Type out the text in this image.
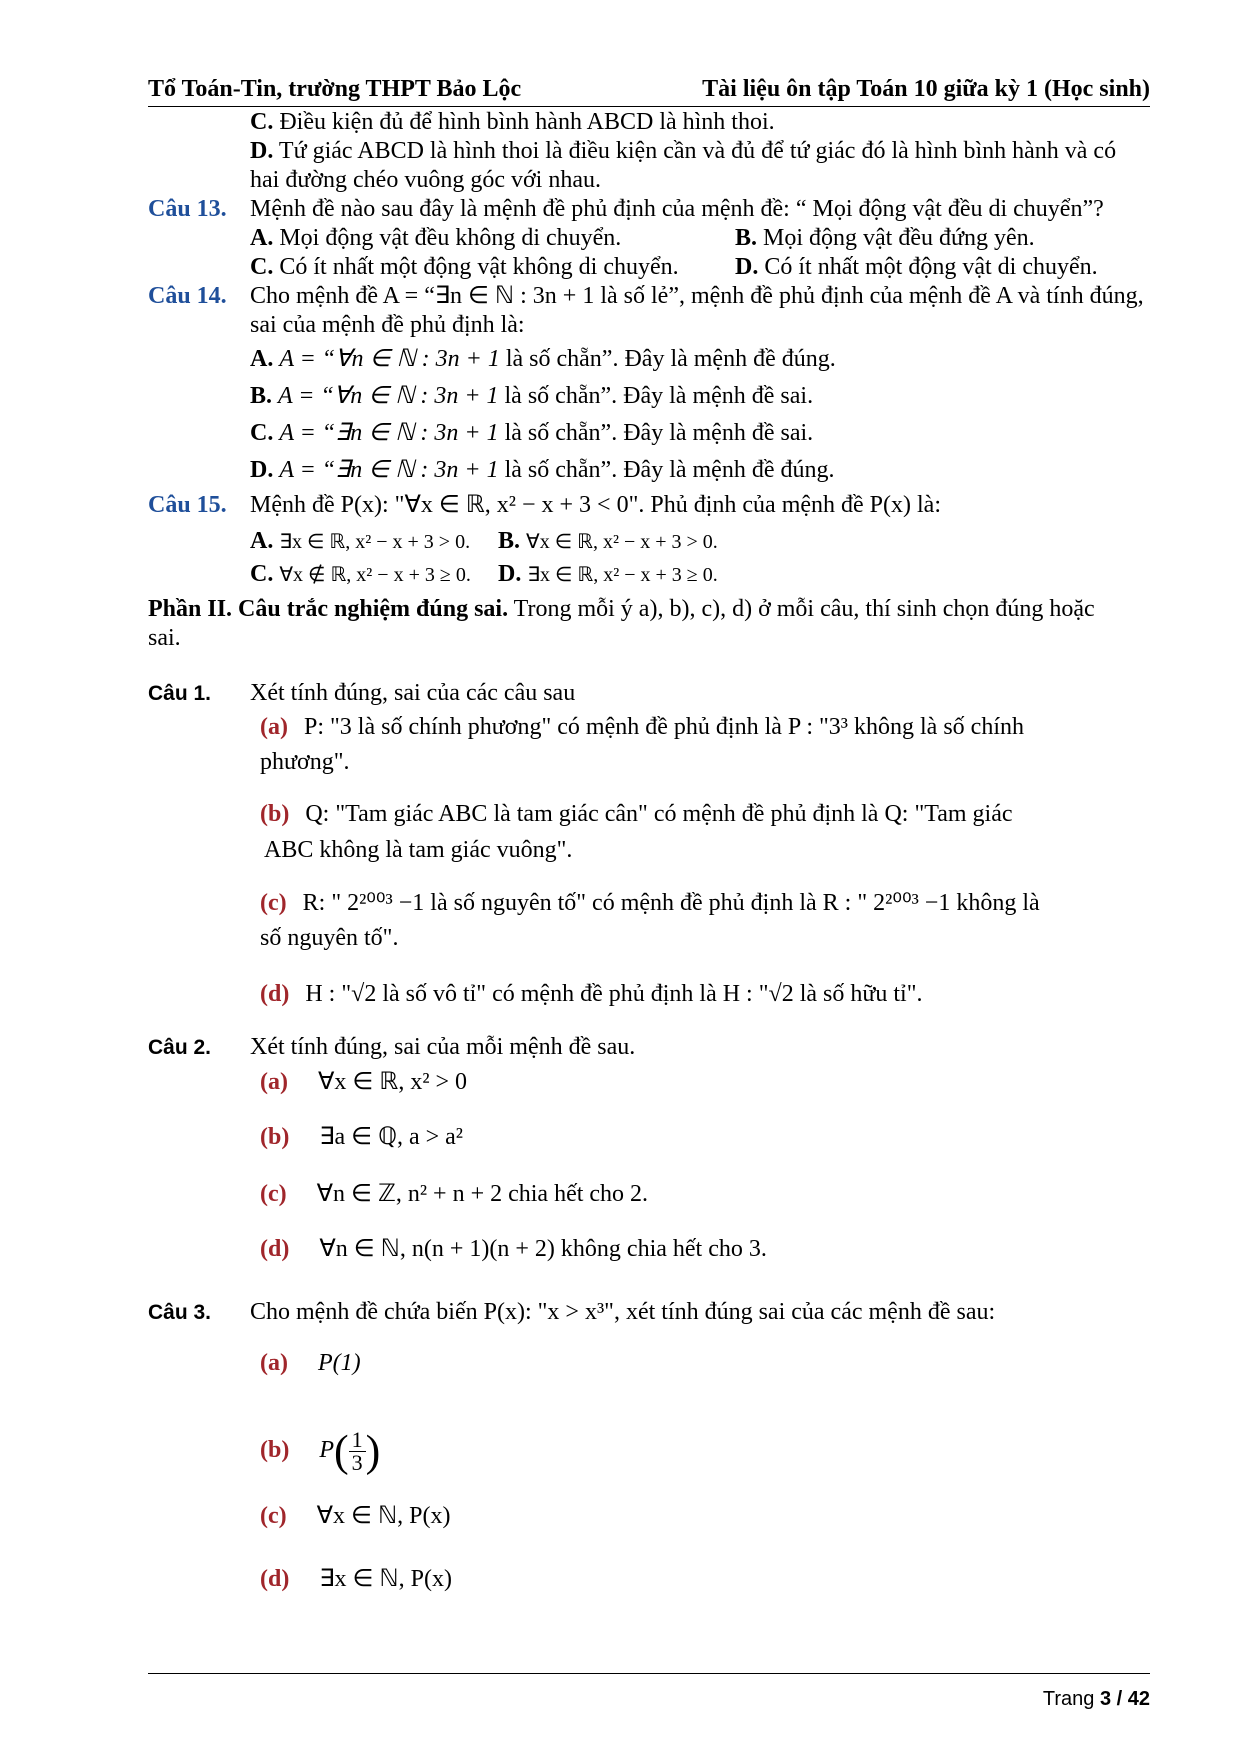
Tổ Toán-Tin, trường THPT Bảo Lộc	Tài liệu ôn tập Toán 10 giữa kỳ 1 (Học sinh)
C. Điều kiện đủ để hình bình hành ABCD là hình thoi.
D. Tứ giác ABCD là hình thoi là điều kiện cần và đủ để tứ giác đó là hình bình hành và có
hai đường chéo vuông góc với nhau.
Câu 13. Mệnh đề nào sau đây là mệnh đề phủ định của mệnh đề: “ Mọi động vật đều di chuyển”?
A. Mọi động vật đều không di chuyển.	B. Mọi động vật đều đứng yên.
C. Có ít nhất một động vật không di chuyển. D. Có ít nhất một động vật di chuyển.
Câu 14. Cho mệnh đề A = “∃n ∈ ℕ : 3n + 1 là số lẻ”, mệnh đề phủ định của mệnh đề A và tính đúng,
sai của mệnh đề phủ định là:
A. A = “∀n ∈ ℕ : 3n + 1 là số chẵn”. Đây là mệnh đề đúng.
B. A = “∀n ∈ ℕ : 3n + 1 là số chẵn”. Đây là mệnh đề sai.
C. A = “∃n ∈ ℕ : 3n + 1 là số chẵn”. Đây là mệnh đề sai.
D. A = “∃n ∈ ℕ : 3n + 1 là số chẵn”. Đây là mệnh đề đúng.
Câu 15. Mệnh đề P(x): "∀x ∈ ℝ, x² − x + 3 < 0". Phủ định của mệnh đề P(x) là:
A. ∃x ∈ ℝ, x² − x + 3 > 0. B. ∀x ∈ ℝ, x² − x + 3 > 0.
C. ∀x ∉ ℝ, x² − x + 3 ≥ 0. D. ∃x ∈ ℝ, x² − x + 3 ≥ 0.
Phần II. Câu trắc nghiệm đúng sai. Trong mỗi ý a), b), c), d) ở mỗi câu, thí sinh chọn đúng hoặc
sai.
Câu 1. Xét tính đúng, sai của các câu sau
(a) P: "3 là số chính phương" có mệnh đề phủ định là P : "3³ không là số chính
phương".
(b) Q: "Tam giác ABC là tam giác cân" có mệnh đề phủ định là Q: "Tam giác
ABC không là tam giác vuông".
(c) R: " 2²⁰⁰³ −1 là số nguyên tố" có mệnh đề phủ định là R : " 2²⁰⁰³ −1 không là
số nguyên tố".
(d) H : "√2 là số vô tỉ" có mệnh đề phủ định là H : "√2 là số hữu tỉ".
Câu 2. Xét tính đúng, sai của mỗi mệnh đề sau.
(a) ∀x ∈ ℝ, x² > 0
(b) ∃a ∈ ℚ, a > a²
(c) ∀n ∈ ℤ, n² + n + 2 chia hết cho 2.
(d) ∀n ∈ ℕ, n(n + 1)(n + 2) không chia hết cho 3.
Câu 3. Cho mệnh đề chứa biến P(x): "x > x³", xét tính đúng sai của các mệnh đề sau:
(a) P(1)
(b) $P( \frac{1}{3}$ )
(c) ∀x ∈ ℕ, P(x)
(d) ∃x ∈ ℕ, P(x)
Trang 3 / 42
